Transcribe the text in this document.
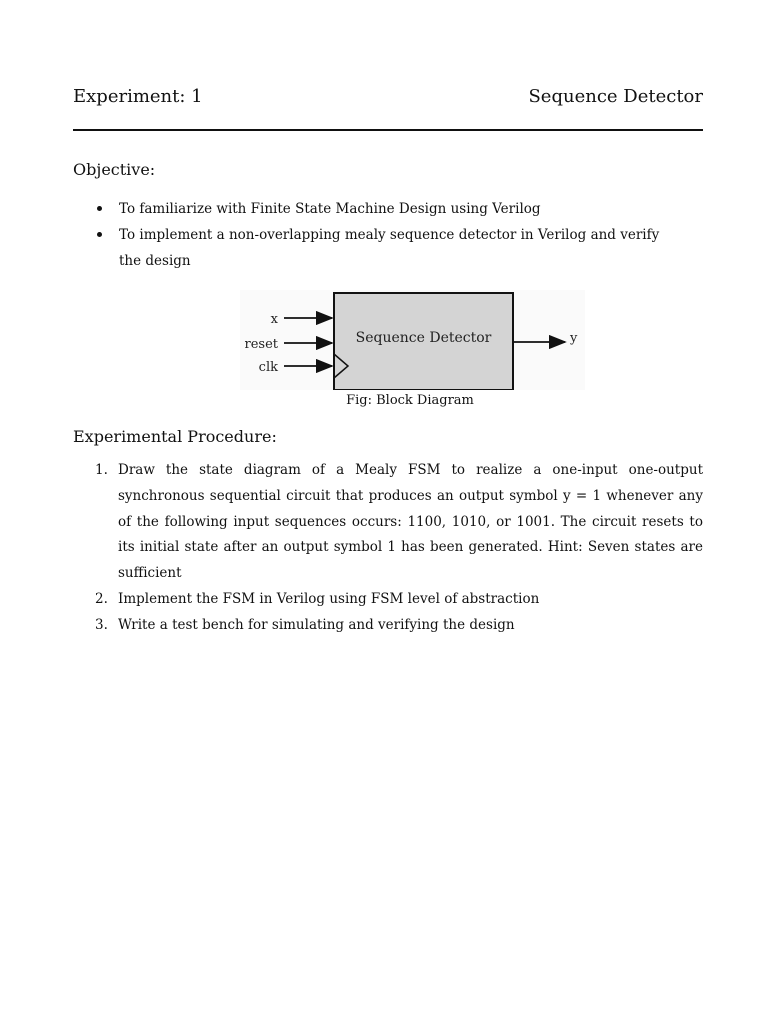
Experiment: 1	Sequence Detector
Objective:
To familiarize with Finite State Machine Design using Verilog
To implement a non-overlapping mealy sequence detector in Verilog and verify the design
Sequence Detector
x
reset
clk
y
Fig: Block Diagram
Experimental Procedure:
1. Draw the state diagram of a Mealy FSM to realize a one-input one-output synchronous sequential circuit that produces an output symbol y = 1 whenever any of the following input sequences occurs: 1100, 1010, or 1001. The circuit resets to its initial state after an output symbol 1 has been generated. Hint: Seven states are sufficient
2. Implement the FSM in Verilog using FSM level of abstraction
3. Write a test bench for simulating and verifying the design
